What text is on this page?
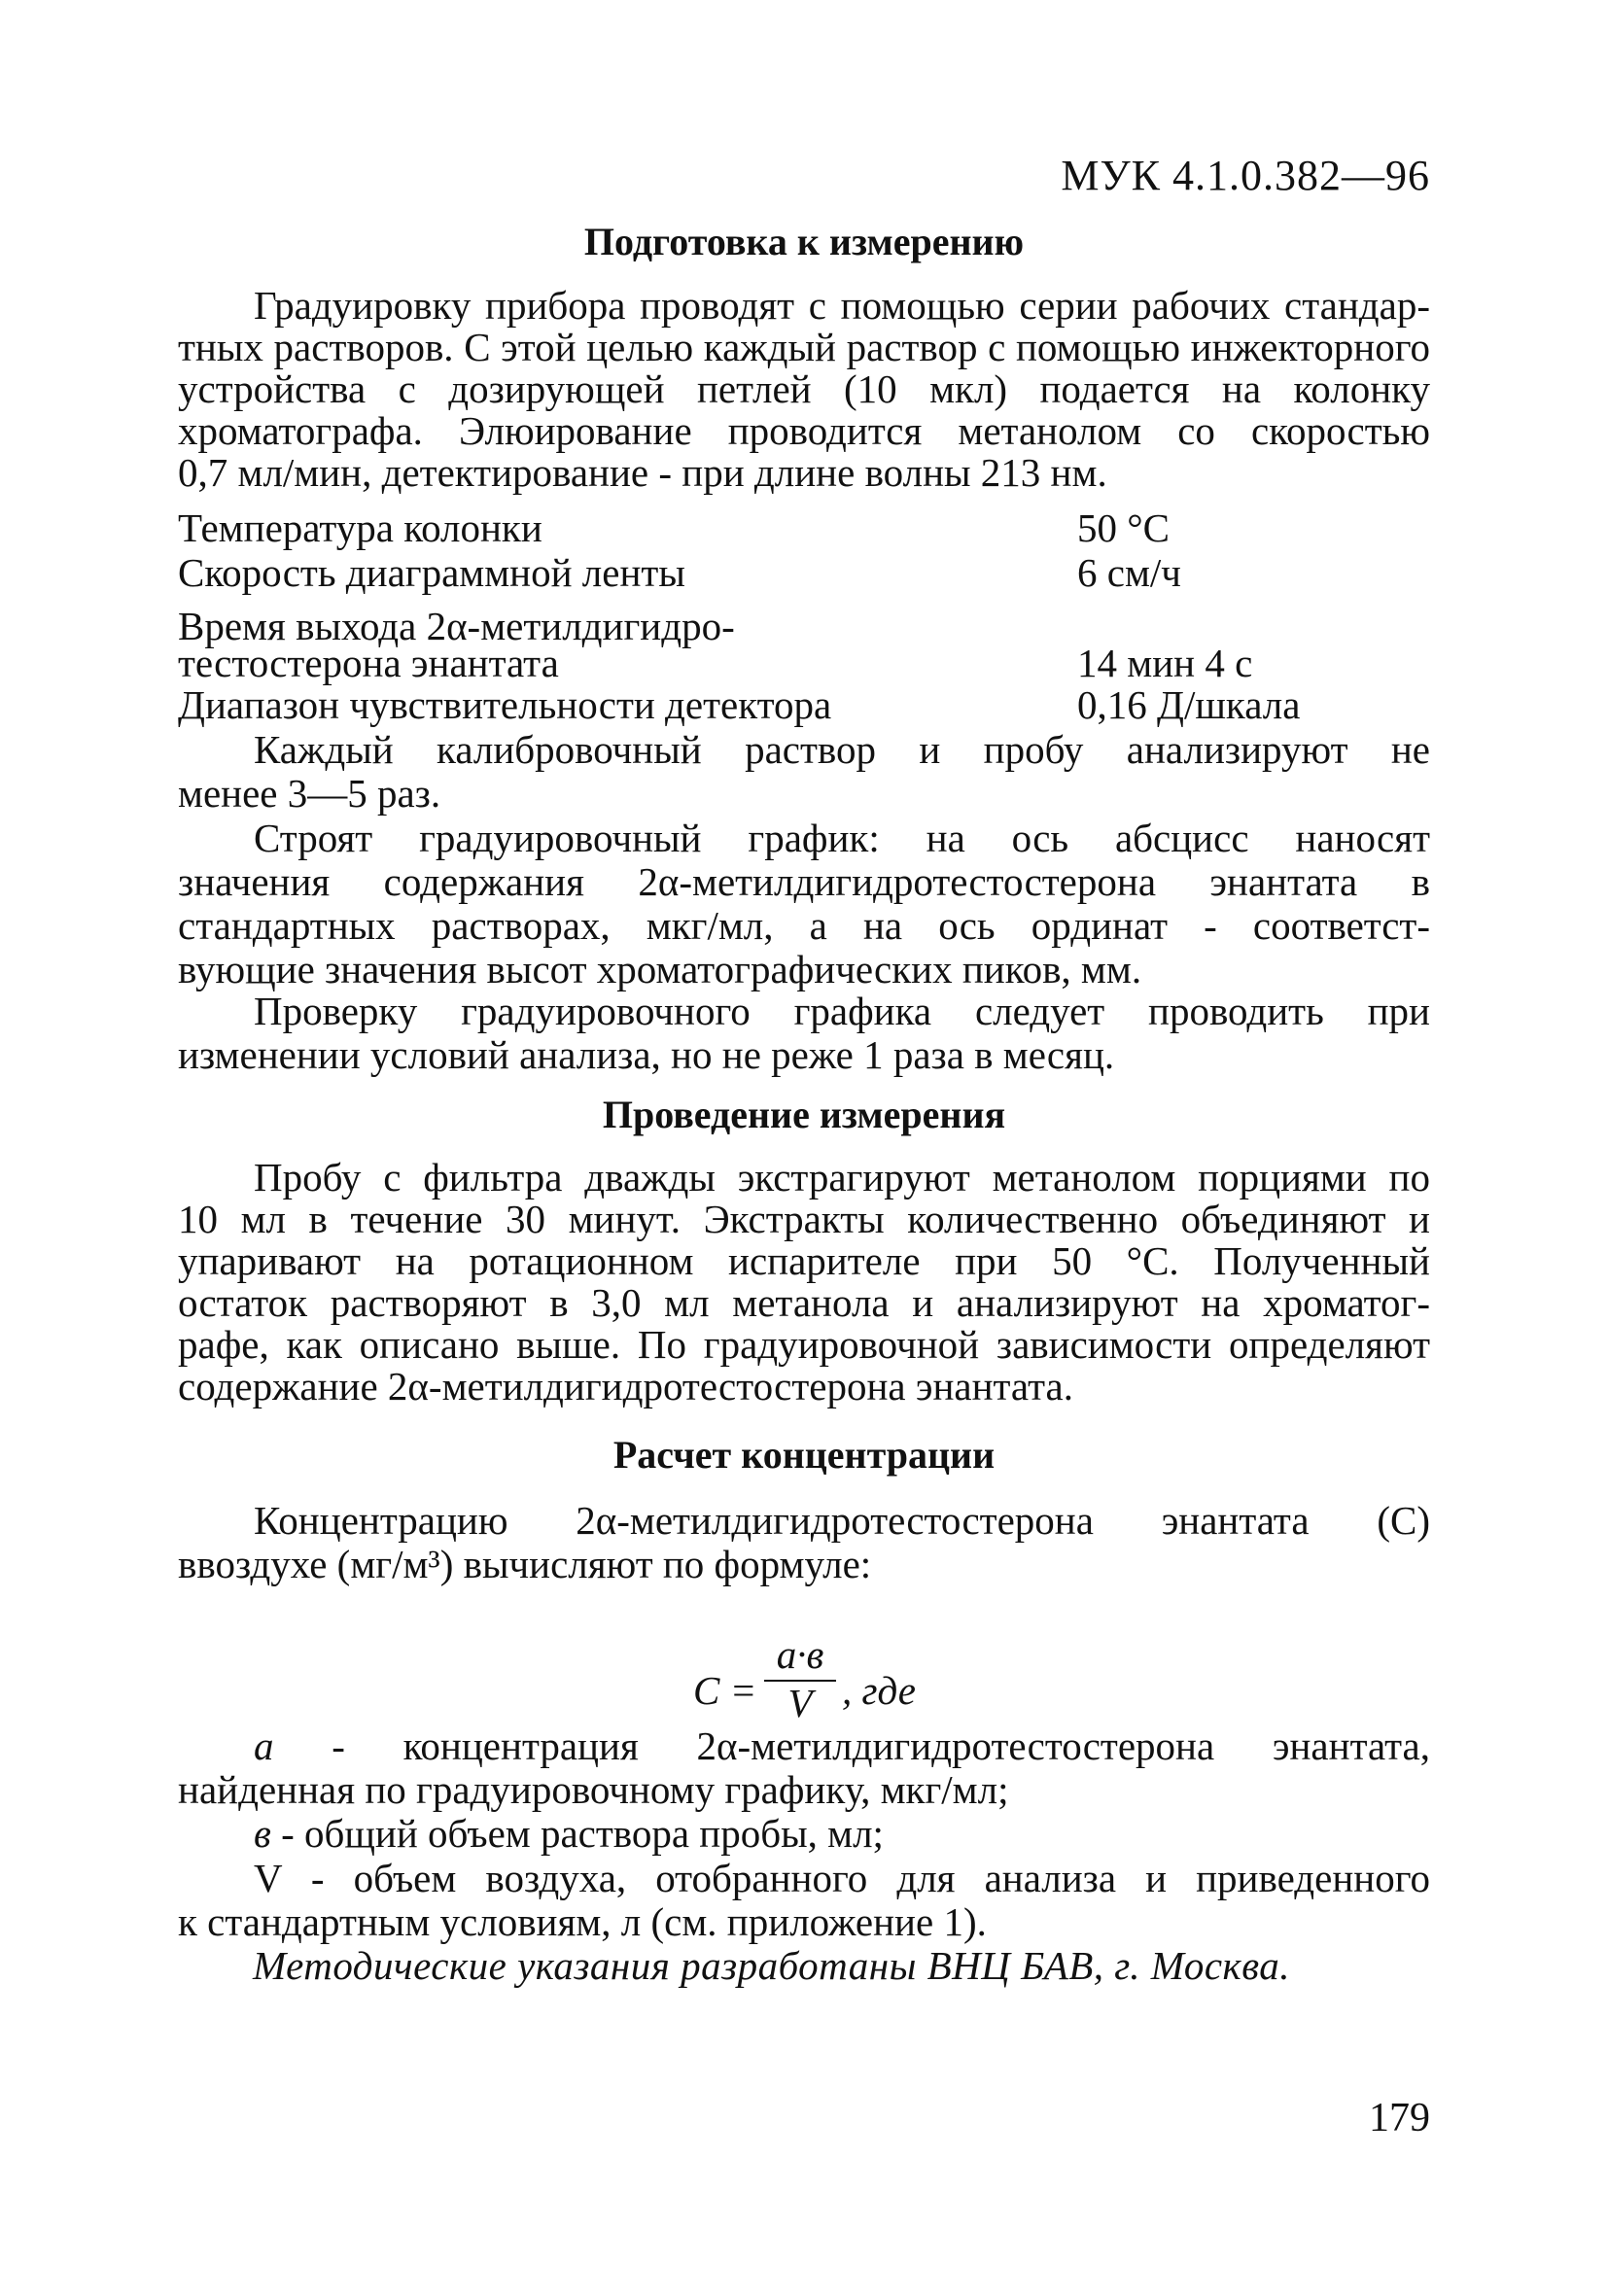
МУК 4.1.0.382—96
Подготовка к измерению
Градуировку прибора проводят с помощью серии рабочих стандар-
тных растворов. С этой целью каждый раствор с помощью инжекторного
устройства с дозирующей петлей (10 мкл) подается на колонку
хроматографа. Элюирование проводится метанолом со скоростью
0,7 мл/мин, детектирование - при длине волны 213 нм.
Температура колонки	50 °С
Скорость диаграммной ленты	6 см/ч
Время выхода 2α-метилдигидро-
тестостерона энантата	14 мин 4 с
Диапазон чувствительности детектора	0,16 Д/шкала
Каждый калибровочный раствор и пробу анализируют не
менее 3—5 раз.
Строят градуировочный график: на ось абсцисс наносят
значения содержания 2α-метилдигидротестостерона энантата в
стандартных растворах, мкг/мл, а на ось ординат - соответст-
вующие значения высот хроматографических пиков, мм.
Проверку градуировочного графика следует проводить при
изменении условий анализа, но не реже 1 раза в месяц.
Проведение измерения
Пробу с фильтра дважды экстрагируют метанолом порциями по
10 мл в течение 30 минут. Экстракты количественно объединяют и
упаривают на ротационном испарителе при 50 °С. Полученный
остаток растворяют в 3,0 мл метанола и анализируют на хроматог-
рафе, как описано выше. По градуировочной зависимости определяют
содержание 2α-метилдигидротестостерона энантата.
Расчет концентрации
Концентрацию 2α-метилдигидротестостерона энантата (С)
ввоздухе (мг/м³) вычисляют по формуле:
C =
a·в
V , где
а - концентрация 2α-метилдигидротестостерона энантата,
найденная по градуировочному графику, мкг/мл;
в - общий объем раствора пробы, мл;
V - объем воздуха, отобранного для анализа и приведенного
к стандартным условиям, л (см. приложение 1).
Методические указания разработаны ВНЦ БАВ, г. Москва.
179
